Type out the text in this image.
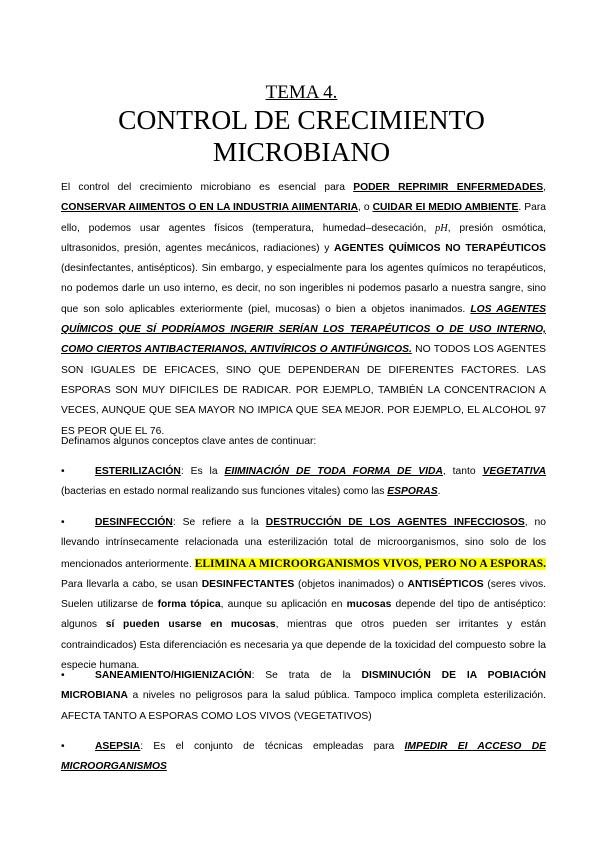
TEMA 4.
CONTROL DE CRECIMIENTO
MICROBIANO
El control del crecimiento microbiano es esencial para PODER REPRIMIR ENFERMEDADES, CONSERVAR AIIMENTOS O EN LA INDUSTRIA AIIMENTARIA, o CUIDAR EI MEDIO AMBIENTE. Para ello, podemos usar agentes físicos (temperatura, humedad–desecación, pH, presión osmótica, ultrasonidos, presión, agentes mecánicos, radiaciones) y AGENTES QUÍMICOS NO TERAPÉUTICOS (desinfectantes, antisépticos). Sin embargo, y especialmente para los agentes químicos no terapéuticos, no podemos darle un uso interno, es decir, no son ingeribles ni podemos pasarlo a nuestra sangre, sino que son solo aplicables exteriormente (piel, mucosas) o bien a objetos inanimados. LOS AGENTES QUÍMICOS QUE SÍ PODRÍAMOS INGERIR SERÍAN LOS TERAPÉUTICOS O DE USO INTERNO, COMO CIERTOS ANTIBACTERIANOS, ANTIVÍRICOS O ANTIFÚNGICOS. NO TODOS LOS AGENTES SON IGUALES DE EFICACES, SINO QUE DEPENDERAN DE DIFERENTES FACTORES. LAS ESPORAS SON MUY DIFICILES DE RADICAR. POR EJEMPLO, TAMBIÉN LA CONCENTRACION A VECES, AUNQUE QUE SEA MAYOR NO IMPICA QUE SEA MEJOR. POR EJEMPLO, EL ALCOHOL 97 ES PEOR QUE EL 76.
Definamos algunos conceptos clave antes de continuar:
•	ESTERILIZACIÓN: Es la EIIMINACIÓN DE TODA FORMA DE VIDA, tanto VEGETATIVA (bacterias en estado normal realizando sus funciones vitales) como las ESPORAS.
•	DESINFECCIÓN: Se refiere a la DESTRUCCIÓN DE LOS AGENTES INFECCIOSOS, no llevando intrínsecamente relacionada una esterilización total de microorganismos, sino solo de los mencionados anteriormente. ELIMINA A MICROORGANISMOS VIVOS, PERO NO A ESPORAS. Para llevarla a cabo, se usan DESINFECTANTES (objetos inanimados) o ANTISÉPTICOS (seres vivos. Suelen utilizarse de forma tópica, aunque su aplicación en mucosas depende del tipo de antiséptico: algunos sí pueden usarse en mucosas, mientras que otros pueden ser irritantes y están contraindicados) Esta diferenciación es necesaria ya que depende de la toxicidad del compuesto sobre la especie humana.
•	SANEAMIENTO/HIGIENIZACIÓN: Se trata de la DISMINUCIÓN DE IA POBIACIÓN MICROBIANA a niveles no peligrosos para la salud pública. Tampoco implica completa esterilización. AFECTA TANTO A ESPORAS COMO LOS VIVOS (VEGETATIVOS)
•	ASEPSIA: Es el conjunto de técnicas empleadas para IMPEDIR EI ACCESO DE MICROORGANISMOS
